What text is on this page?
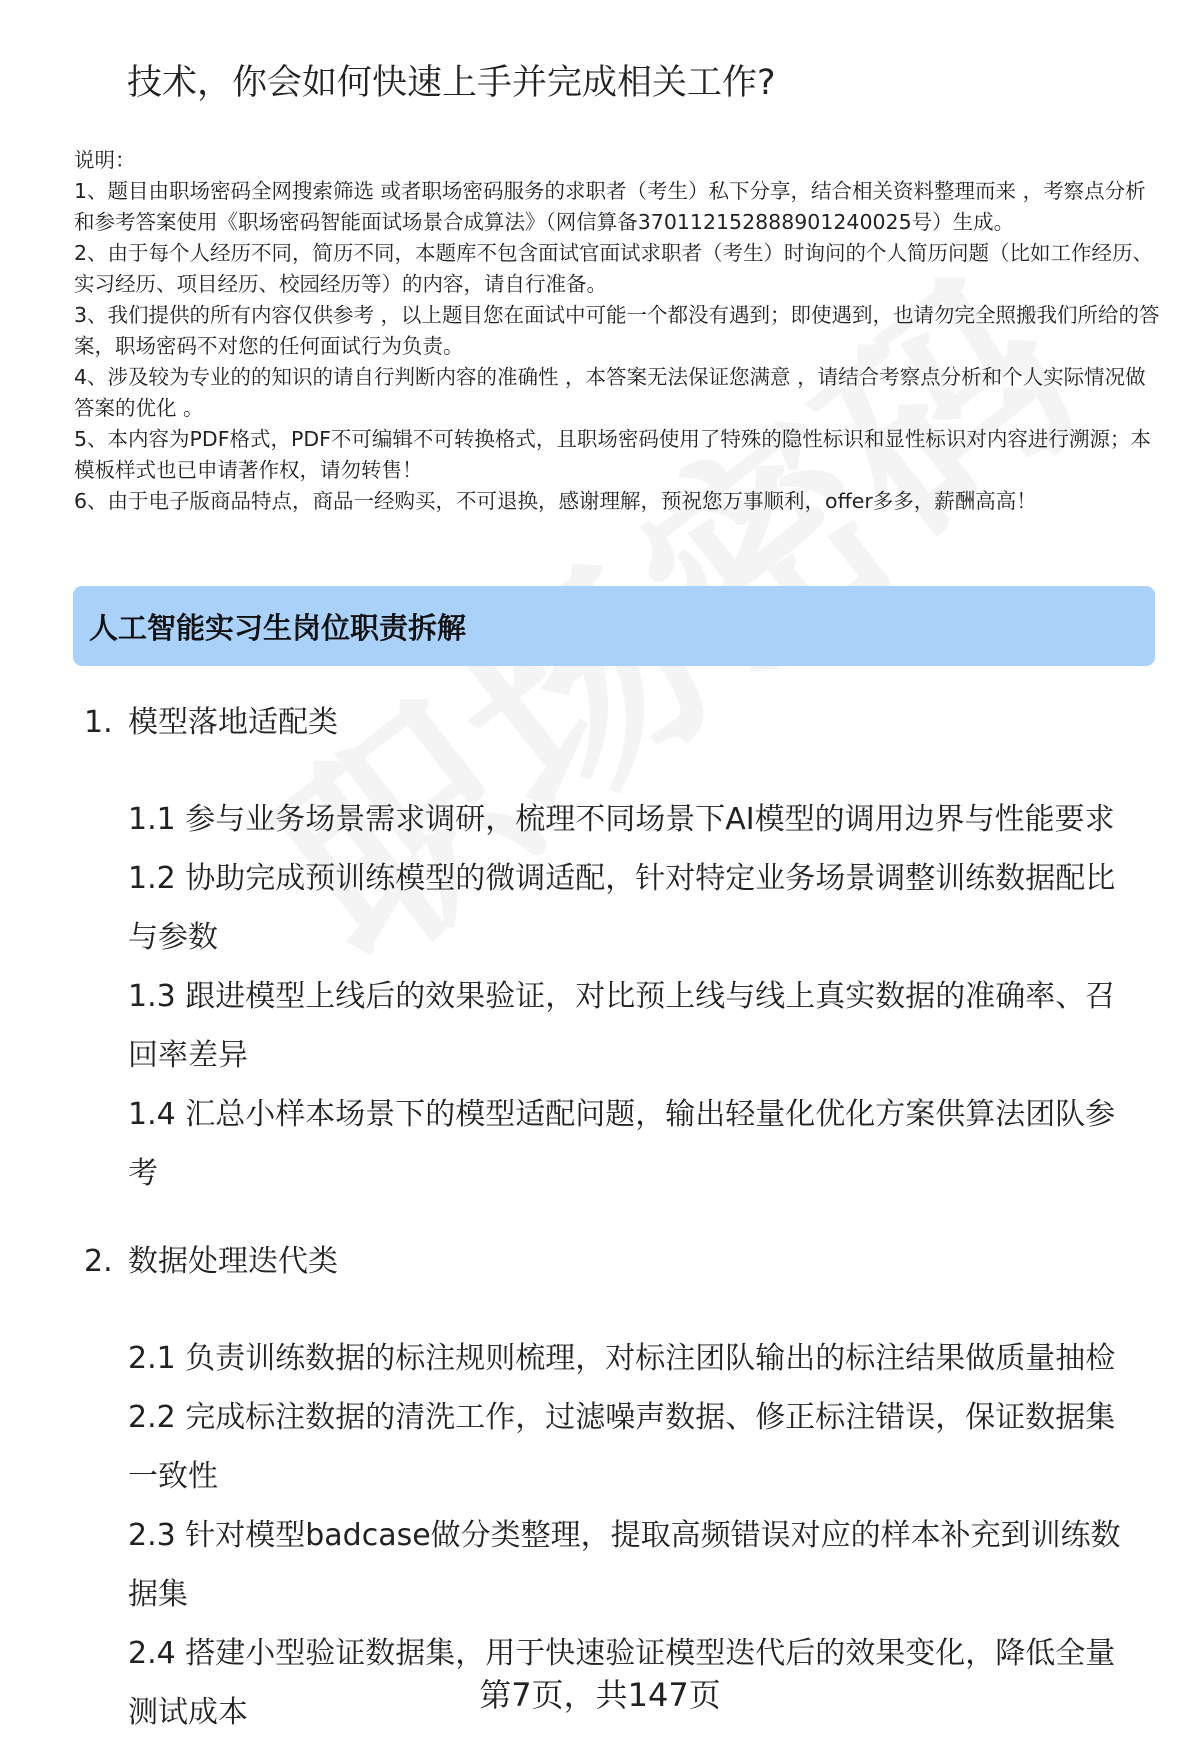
技术，你会如何快速上手并完成相关工作?

说明：

1、题目由职场密码全网搜索筛选 或者职场密码服务的求职者（考生）私下分享，结合相关资料整理而来 ，考察点分析和参考答案使用《职场密码智能面试场景合成算法》（网信算备370112152888901240025号）生成。

2、由于每个人经历不同，简历不同，本题库不包含面试官面试求职者（考生）时询问的个人简历问题（比如工作经历、实习经历、项目经历、校园经历等）的内容，请自行准备。

3、我们提供的所有内容仅供参考 ，以上题目您在面试中可能一个都没有遇到；即使遇到，也请勿完全照搬我们所给的答案，职场密码不对您的任何面试行为负责。

4、涉及较为专业的的知识的请自行判断内容的准确性 ，本答案无法保证您满意 ，请结合考察点分析和个人实际情况做答案的优化 。

5、本内容为PDF格式，PDF不可编辑不可转换格式，且职场密码使用了特殊的隐性标识和显性标识对内容进行溯源；本模板样式也已申请著作权，请勿转售！

6、由于电子版商品特点，商品一经购买，不可退换，感谢理解，预祝您万事顺利，offer多多，薪酬高高！

人工智能实习生岗位职责拆解
1. 模型落地适配类
1.1 参与业务场景需求调研，梳理不同场景下AI模型的调用边界与性能要求
1.2 协助完成预训练模型的微调适配，针对特定业务场景调整训练数据配比与参数
1.3 跟进模型上线后的效果验证，对比预上线与线上真实数据的准确率、召回率差异
1.4 汇总小样本场景下的模型适配问题，输出轻量化优化方案供算法团队参考
2. 数据处理迭代类
2.1 负责训练数据的标注规则梳理，对标注团队输出的标注结果做质量抽检
2.2 完成标注数据的清洗工作，过滤噪声数据、修正标注错误，保证数据集一致性
2.3 针对模型badcase做分类整理，提取高频错误对应的样本补充到训练数据集
2.4 搭建小型验证数据集，用于快速验证模型迭代后的效果变化，降低全量测试成本	第7页，共147页
